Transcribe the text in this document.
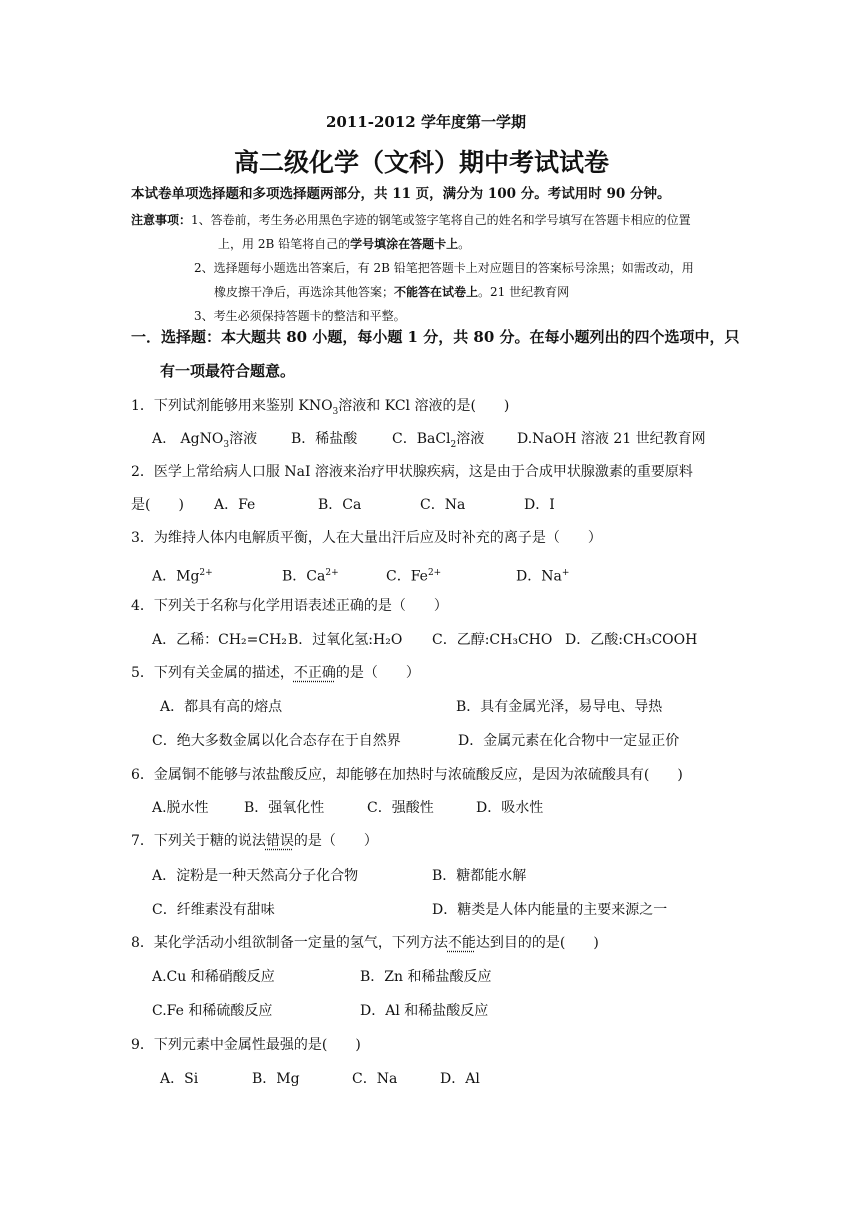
2011-2012 学年度第一学期
高二级化学（文科）期中考试试卷
本试卷单项选择题和多项选择题两部分，共 11 页，满分为 100 分。考试用时 90 分钟。
注意事项：1、答卷前，考生务必用黑色字迹的钢笔或签字笔将自己的姓名和学号填写在答题卡相应的位置
上，用 2B 铅笔将自己的学号填涂在答题卡上。
2、选择题每小题选出答案后，有 2B 铅笔把答题卡上对应题目的答案标号涂黑；如需改动，用
橡皮擦干净后，再选涂其他答案；不能答在试卷上。21 世纪教育网
3、考生必须保持答题卡的整洁和平整。
一．选择题：本大题共 80 小题，每小题 1 分，共 80 分。在每小题列出的四个选项中，只
有一项最符合题意。
1．下列试剂能够用来鉴别 $KNO_3$溶液和 KCl 溶液的是(　　)
A.　AgNO$_3$溶液 B．稀盐酸 C．BaCl$_2$溶液 D.NaOH 溶液 21 世纪教育网
2．医学上常给病人口服 NaI 溶液来治疗甲状腺疾病，这是由于合成甲状腺激素的重要原料
是(　　) A．Fe	B．Ca	C．Na	D．I
3．为维持人体内电解质平衡，人在大量出汗后应及时补充的离子是（　　）
A．$Mg^{2+}$	B．$Ca^{2+}$	C．$Fe^{2+}$	D．Na+
4．下列关于名称与化学用语表述正确的是（　　）
A．乙稀：CH₂=CH₂ B．过氧化氢:H₂O C．乙醇:CH₃CHO D．乙酸:CH₃COOH
5．下列有关金属的描述，不正确的是（　　）
A．都具有高的熔点	B．具有金属光泽，易导电、导热
C．绝大多数金属以化合态存在于自然界	D．金属元素在化合物中一定显正价
6．金属铜不能够与浓盐酸反应，却能够在加热时与浓硫酸反应，是因为浓硫酸具有(　　)
A.脱水性	B．强氧化性	C．强酸性	D．吸水性
7．下列关于糖的说法错误的是（　　）
A．淀粉是一种天然高分子化合物	B．糖都能水解
C．纤维素没有甜味	D．糖类是人体内能量的主要来源之一
8．某化学活动小组欲制备一定量的氢气，下列方法不能达到目的的是(　　)
A.Cu 和稀硝酸反应	B．Zn 和稀盐酸反应
C.Fe 和稀硫酸反应	D．Al 和稀盐酸反应
9．下列元素中金属性最强的是(　　)
A．Si	B．Mg	C．Na	D．Al
